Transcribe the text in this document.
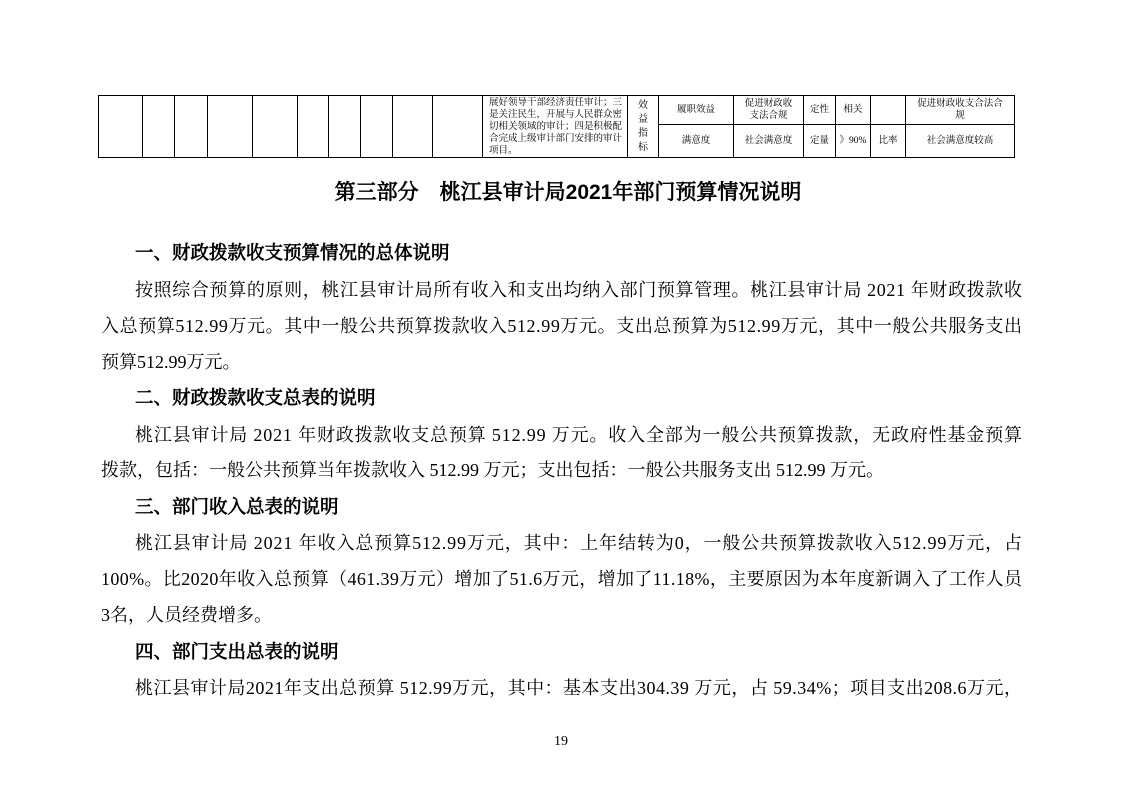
										展好领导干部经济责任审计；三是关注民生，开展与人民群众密切相关领域的审计；四是积极配合完成上级审计部门安排的审计项目。	效益指标	履职效益	促进财政收支法合规	定性	相关		促进财政收支合法合规

												满意度	社会满意度	定量	》90%	比率	社会满意度较高
第三部分　桃江县审计局2021年部门预算情况说明
一、财政拨款收支预算情况的总体说明
按照综合预算的原则，桃江县审计局所有收入和支出均纳入部门预算管理。桃江县审计局 2021 年财政拨款收
入总预算512.99万元。其中一般公共预算拨款收入512.99万元。支出总预算为512.99万元，其中一般公共服务支出
预算512.99万元。
二、财政拨款收支总表的说明
桃江县审计局 2021 年财政拨款收支总预算 512.99 万元。收入全部为一般公共预算拨款，无政府性基金预算
拨款，包括：一般公共预算当年拨款收入 512.99 万元；支出包括：一般公共服务支出 512.99 万元。
三、部门收入总表的说明
桃江县审计局 2021 年收入总预算512.99万元，其中：上年结转为0，一般公共预算拨款收入512.99万元，占
100%。比2020年收入总预算（461.39万元）增加了51.6万元，增加了11.18%，主要原因为本年度新调入了工作人员
3名，人员经费增多。
四、部门支出总表的说明
桃江县审计局2021年支出总预算 512.99万元，其中：基本支出304.39 万元，占 59.34%；项目支出208.6万元，
19
